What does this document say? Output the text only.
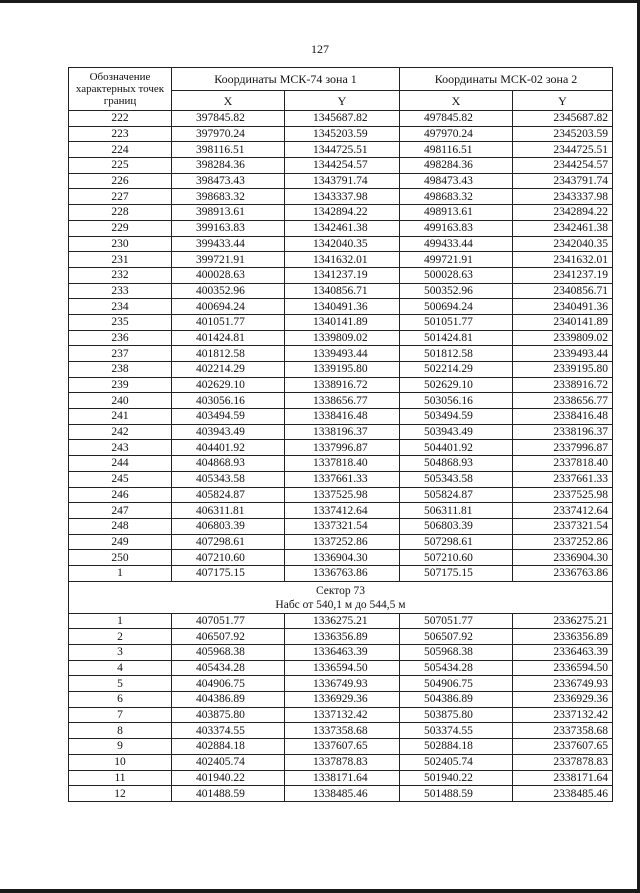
127
Обозначение характерных точек границ	Координаты МСК-74 зона 1		Координаты МСК-02 зона 2	
	X	Y	X	Y
222	397845.82	1345687.82	497845.82	2345687.82
223	397970.24	1345203.59	497970.24	2345203.59
224	398116.51	1344725.51	498116.51	2344725.51
225	398284.36	1344254.57	498284.36	2344254.57
226	398473.43	1343791.74	498473.43	2343791.74
227	398683.32	1343337.98	498683.32	2343337.98
228	398913.61	1342894.22	498913.61	2342894.22
229	399163.83	1342461.38	499163.83	2342461.38
230	399433.44	1342040.35	499433.44	2342040.35
231	399721.91	1341632.01	499721.91	2341632.01
232	400028.63	1341237.19	500028.63	2341237.19
233	400352.96	1340856.71	500352.96	2340856.71
234	400694.24	1340491.36	500694.24	2340491.36
235	401051.77	1340141.89	501051.77	2340141.89
236	401424.81	1339809.02	501424.81	2339809.02
237	401812.58	1339493.44	501812.58	2339493.44
238	402214.29	1339195.80	502214.29	2339195.80
239	402629.10	1338916.72	502629.10	2338916.72
240	403056.16	1338656.77	503056.16	2338656.77
241	403494.59	1338416.48	503494.59	2338416.48
242	403943.49	1338196.37	503943.49	2338196.37
243	404401.92	1337996.87	504401.92	2337996.87
244	404868.93	1337818.40	504868.93	2337818.40
245	405343.58	1337661.33	505343.58	2337661.33
246	405824.87	1337525.98	505824.87	2337525.98
247	406311.81	1337412.64	506311.81	2337412.64
248	406803.39	1337321.54	506803.39	2337321.54
249	407298.61	1337252.86	507298.61	2337252.86
250	407210.60	1336904.30	507210.60	2336904.30
1	407175.15	1336763.86	507175.15	2336763.86

Сектор 73
Набс от 540,1 м до 544,5 м				

1	407051.77	1336275.21	507051.77	2336275.21
2	406507.92	1336356.89	506507.92	2336356.89
3	405968.38	1336463.39	505968.38	2336463.39
4	405434.28	1336594.50	505434.28	2336594.50
5	404906.75	1336749.93	504906.75	2336749.93
6	404386.89	1336929.36	504386.89	2336929.36
7	403875.80	1337132.42	503875.80	2337132.42
8	403374.55	1337358.68	503374.55	2337358.68
9	402884.18	1337607.65	502884.18	2337607.65
10	402405.74	1337878.83	502405.74	2337878.83
11	401940.22	1338171.64	501940.22	2338171.64
12	401488.59	1338485.46	501488.59	2338485.46
